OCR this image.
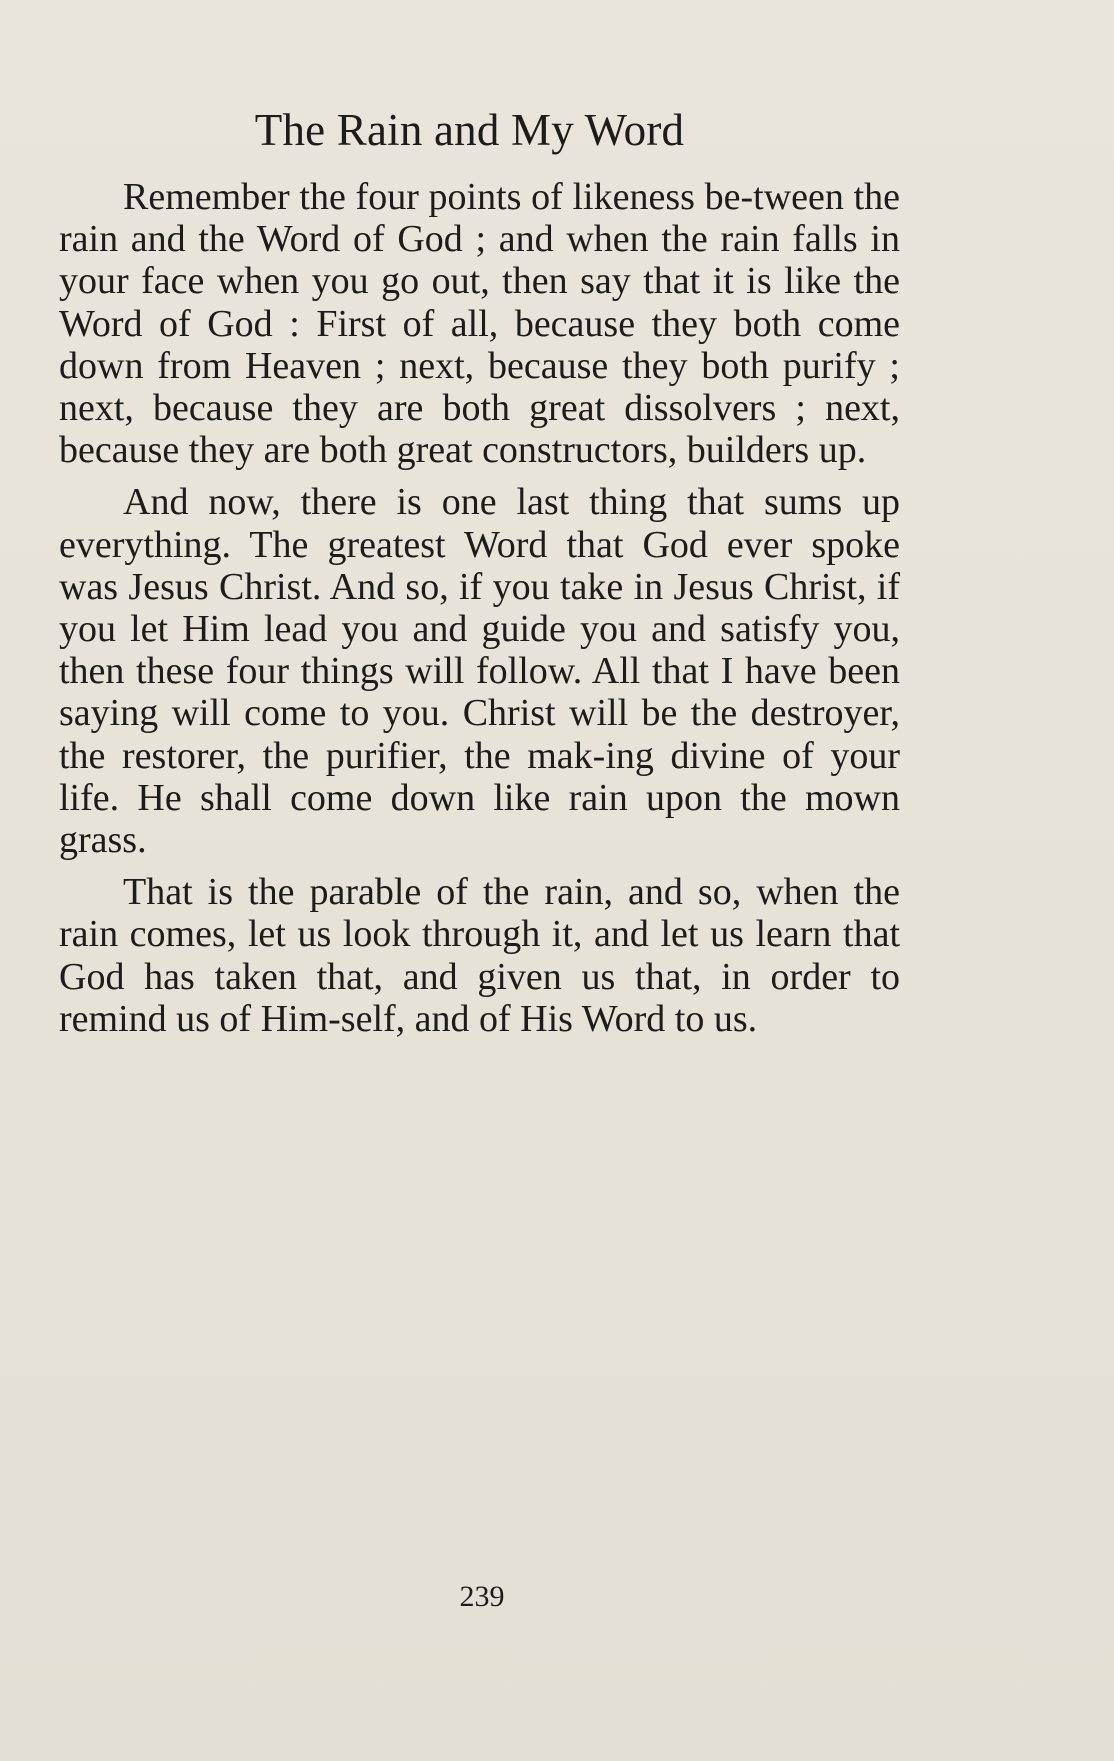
The Rain and My Word

Remember the four points of likeness be-tween the rain and the Word of God ; and when the rain falls in your face when you go out, then say that it is like the Word of God : First of all, because they both come down from Heaven ; next, because they both purify ; next, because they are both great dissolvers ; next, because they are both great constructors, builders up.

And now, there is one last thing that sums up everything. The greatest Word that God ever spoke was Jesus Christ. And so, if you take in Jesus Christ, if you let Him lead you and guide you and satisfy you, then these four things will follow. All that I have been saying will come to you. Christ will be the destroyer, the restorer, the purifier, the mak-ing divine of your life. He shall come down like rain upon the mown grass.

That is the parable of the rain, and so, when the rain comes, let us look through it, and let us learn that God has taken that, and given us that, in order to remind us of Him-self, and of His Word to us.

239
